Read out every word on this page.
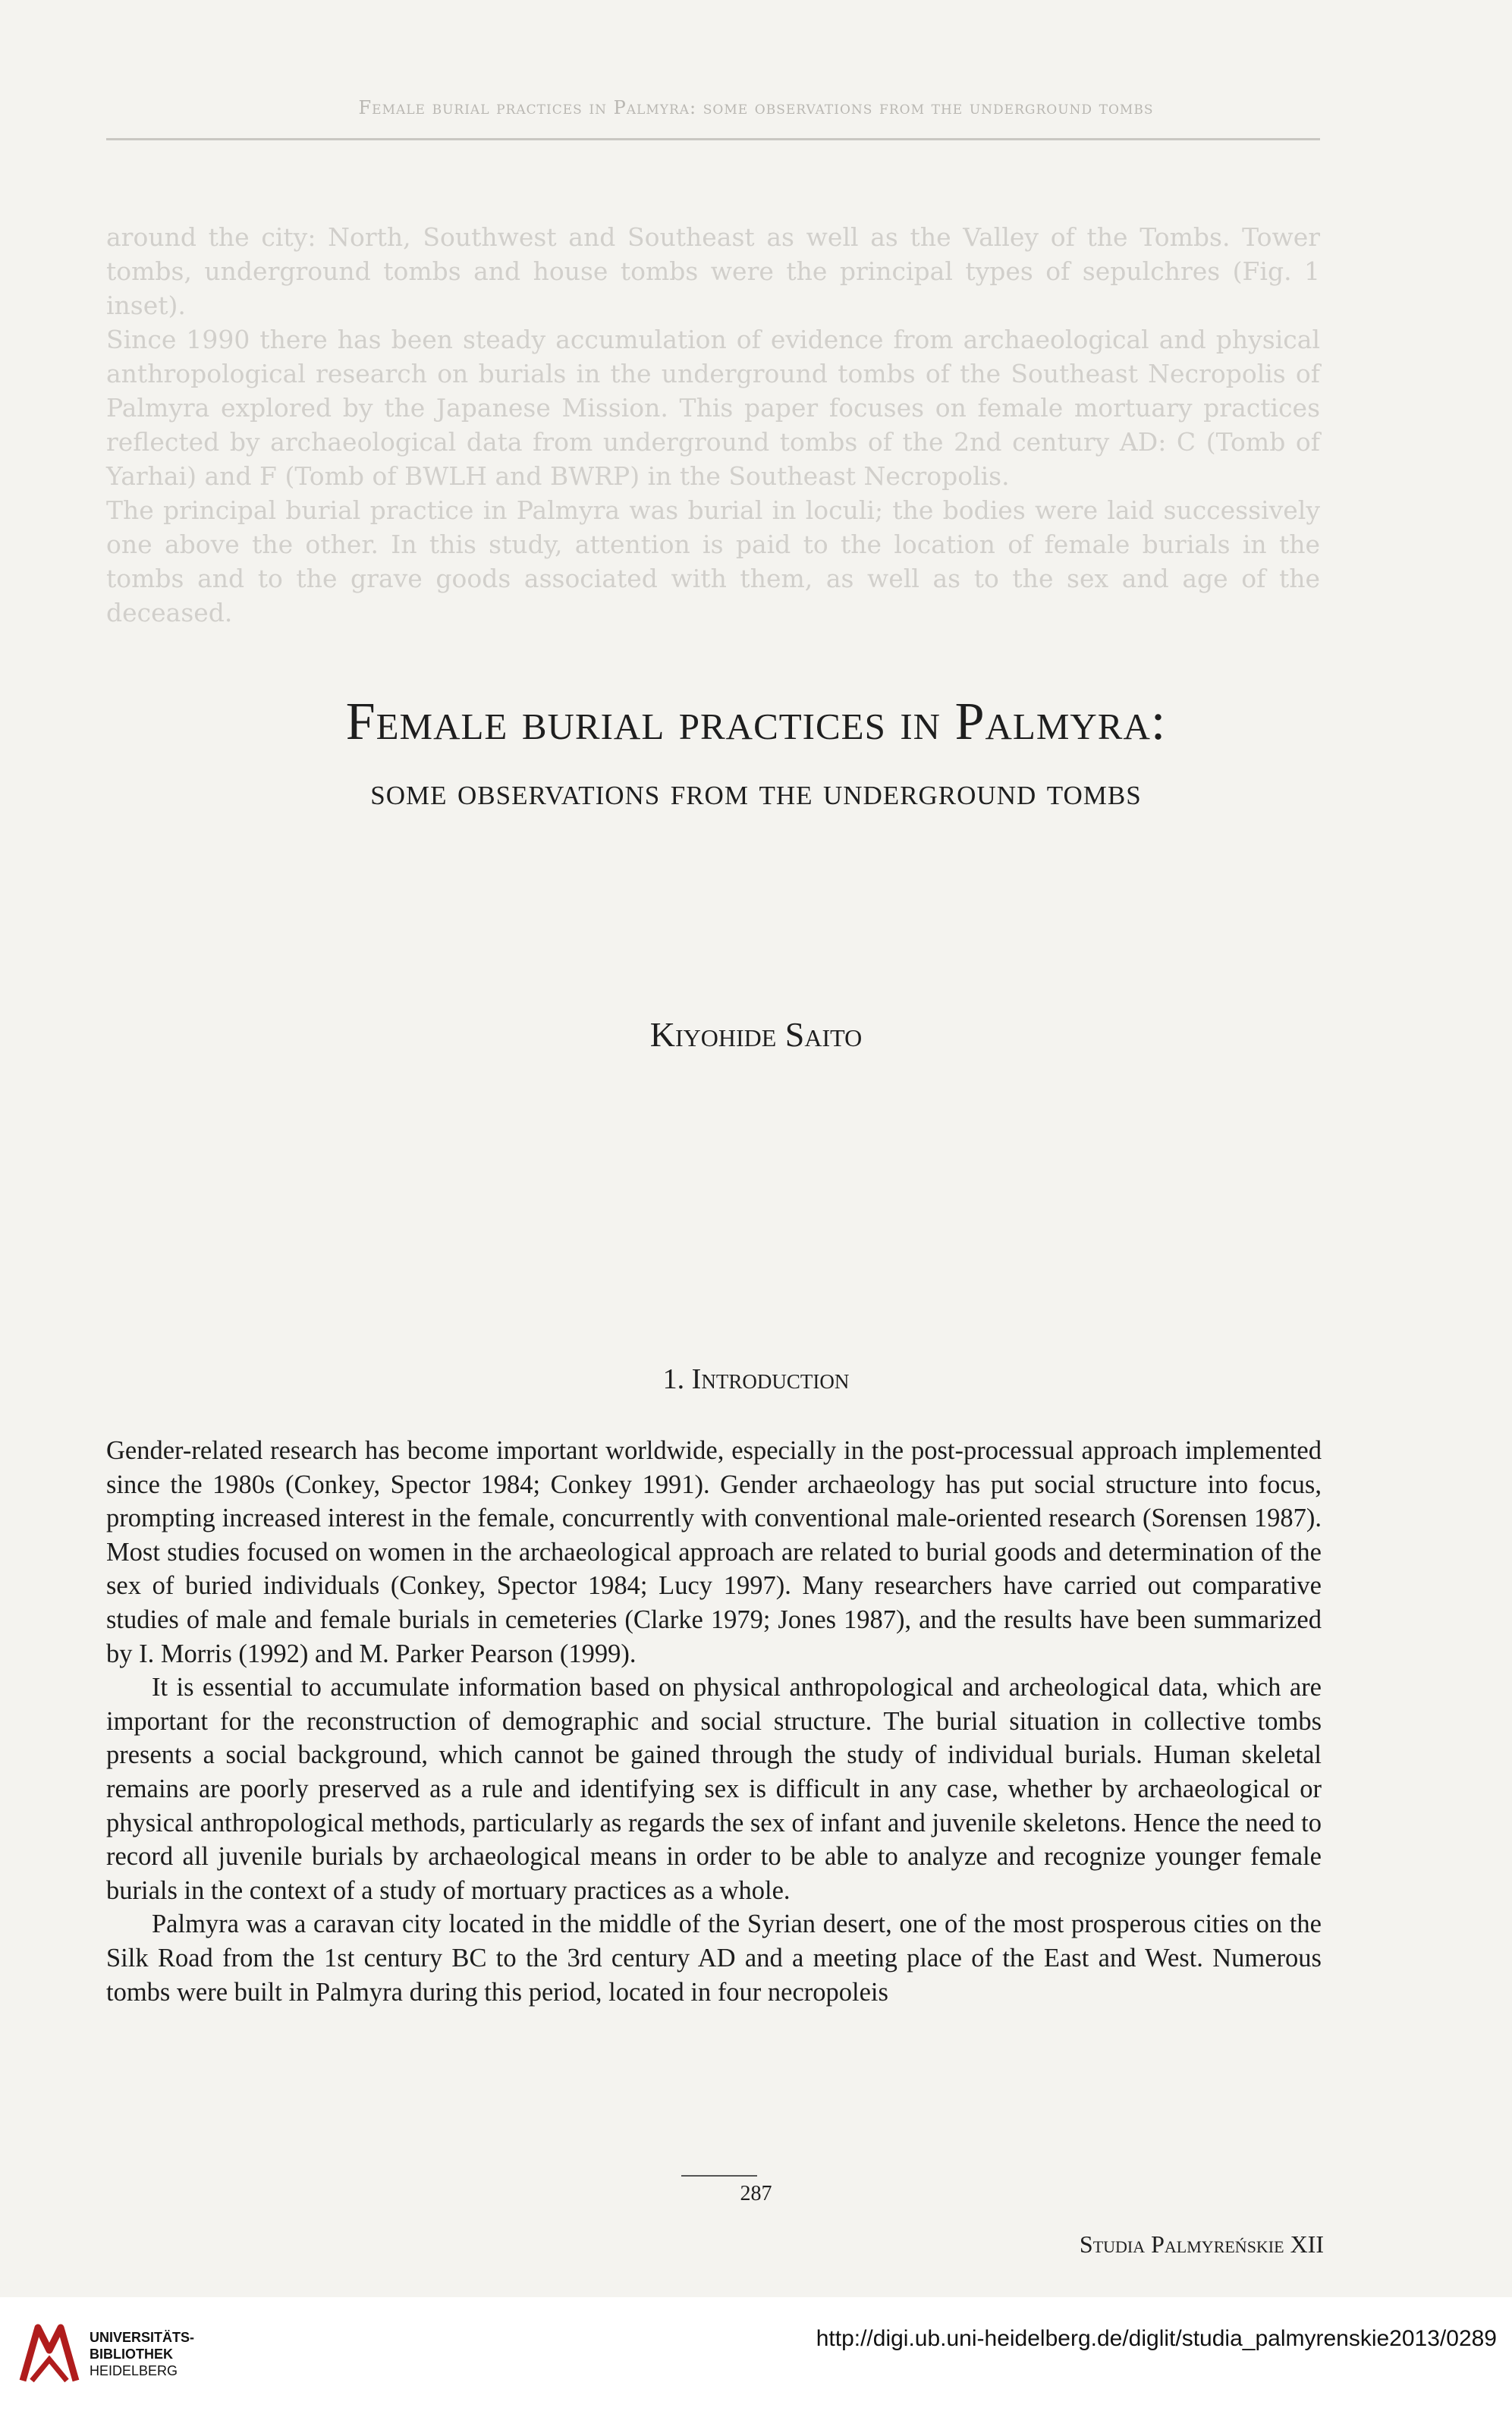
Female burial practices in Palmyra: some observations from the underground tombs

around the city: North, Southwest and Southeast as well as the Valley of the Tombs. Tower tombs, underground tombs and house tombs were the principal types of sepulchres (Fig. 1 inset).

Since 1990 there has been steady accumulation of evidence from archaeological and physical anthropological research on burials in the underground tombs of the Southeast Necropolis of Palmyra explored by the Japanese Mission. This paper focuses on female mortuary practices reflected by archaeological data from underground tombs of the 2nd century AD: C (Tomb of Yarhai) and F (Tomb of BWLH and BWRP) in the Southeast Necropolis.

The principal burial practice in Palmyra was burial in loculi; the bodies were laid successively one above the other. In this study, attention is paid to the location of female burials in the tombs and to the grave goods associated with them, as well as to the sex and age of the deceased.

Female burial practices in Palmyra:
some observations from the underground tombs
Kiyohide Saito
1. Introduction

Gender-related research has become important worldwide, especially in the post-processual approach implemented since the 1980s (Conkey, Spector 1984; Conkey 1991). Gender archaeology has put social structure into focus, prompting increased interest in the female, concurrently with conventional male-oriented research (Sorensen 1987). Most studies focused on women in the archaeological approach are related to burial goods and determination of the sex of buried individuals (Conkey, Spector 1984; Lucy 1997). Many researchers have carried out comparative studies of male and female burials in cemeteries (Clarke 1979; Jones 1987), and the results have been summarized by I. Morris (1992) and M. Parker Pearson (1999).

It is essential to accumulate information based on physical anthropological and archeological data, which are important for the reconstruction of demographic and social structure. The burial situation in collective tombs presents a social background, which cannot be gained through the study of individual burials. Human skeletal remains are poorly preserved as a rule and identifying sex is difficult in any case, whether by archaeological or physical anthropological methods, particularly as regards the sex of infant and juvenile skeletons. Hence the need to record all juvenile burials by archaeological means in order to be able to analyze and recognize younger female burials in the context of a study of mortuary practices as a whole.

Palmyra was a caravan city located in the middle of the Syrian desert, one of the most prosperous cities on the Silk Road from the 1st century BC to the 3rd century AD and a meeting place of the East and West. Numerous tombs were built in Palmyra during this period, located in four necropoleis

287
Studia Palmyreńskie XII
UNIVERSITÄTS-
BIBLIOTHEK
HEIDELBERG
http://digi.ub.uni-heidelberg.de/diglit/studia_palmyrenskie2013/0289
